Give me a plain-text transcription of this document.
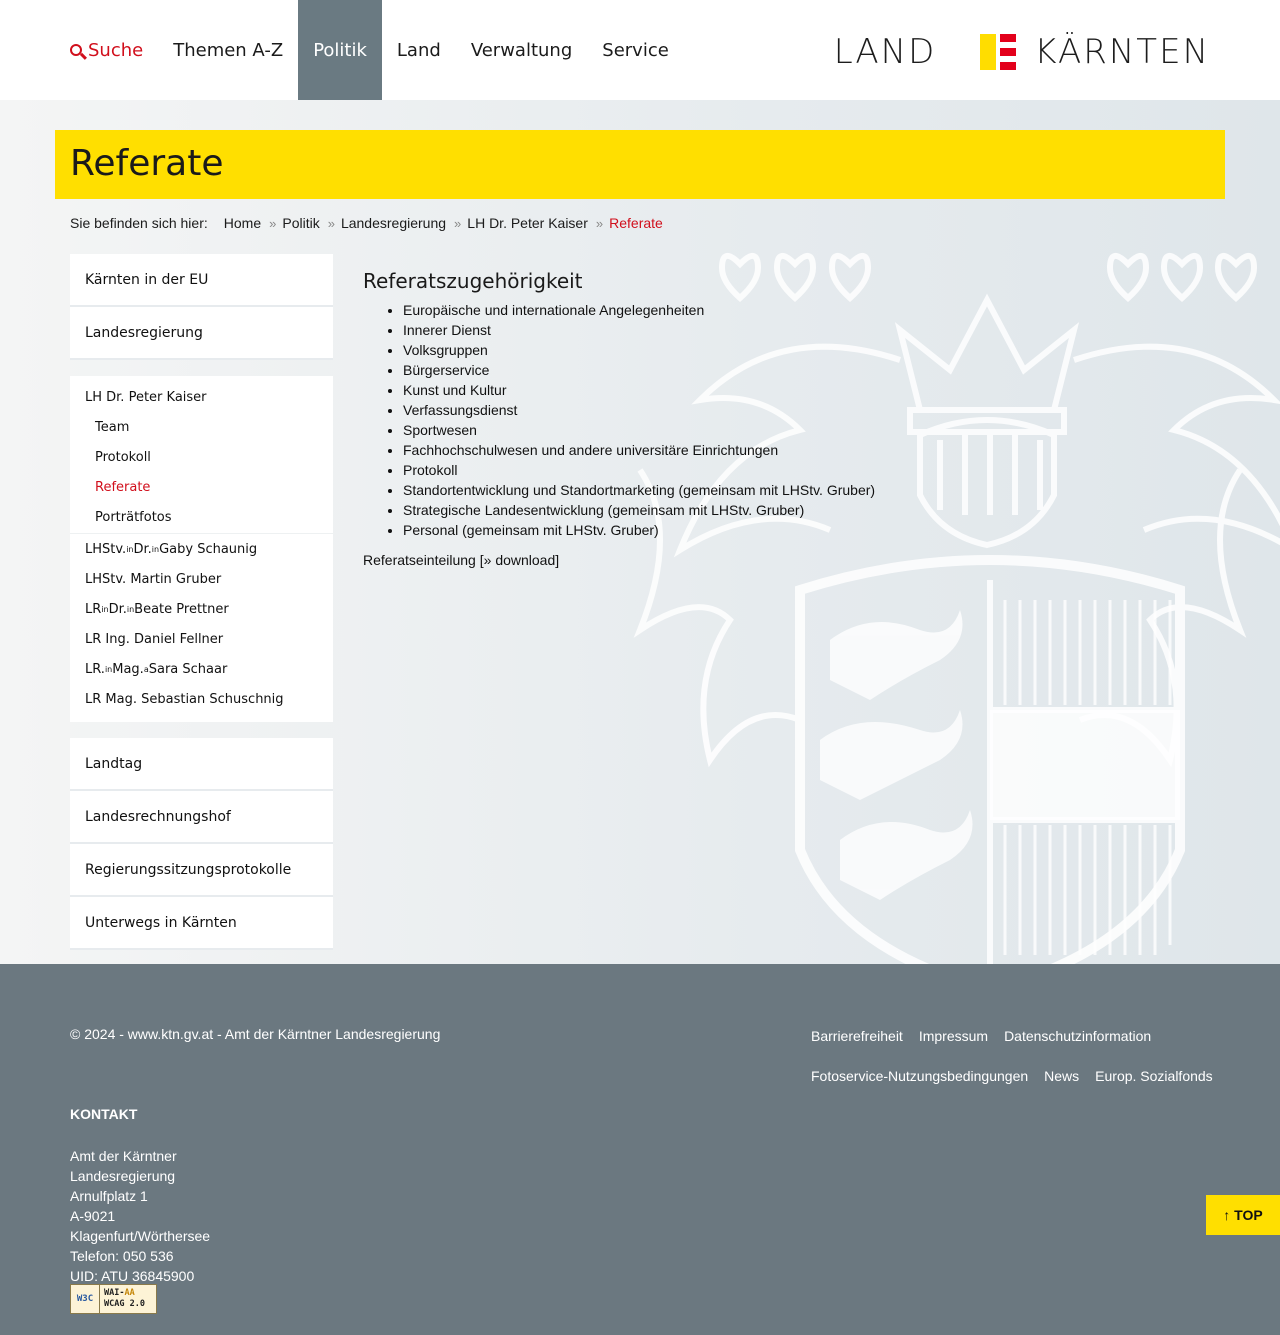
Suche Themen A-Z Politik Land Verwaltung Service	LAND	KÄRNTEN
Referate
Sie befinden sich hier: Home » Politik » Landesregierung » LH Dr. Peter Kaiser » Referate
Kärnten in der EU
Landesregierung
LH Dr. Peter Kaiser
Team
Protokoll
Referate
Porträtfotos
LHStv. in Dr. in Gaby Schaunig
LHStv. Martin Gruber
LR in Dr. in Beate Prettner
LR Ing. Daniel Fellner
LR. in Mag. a Sara Schaar
LR Mag. Sebastian Schuschnig
Landtag
Landesrechnungshof
Regierungssitzungsprotokolle
Unterwegs in Kärnten
Referatszugehörigkeit
• Europäische und internationale Angelegenheiten
• Innerer Dienst
• Volksgruppen
• Bürgerservice
• Kunst und Kultur
• Verfassungsdienst
• Sportwesen
• Fachhochschulwesen und andere universitäre Einrichtungen
• Protokoll
• Standortentwicklung und Standortmarketing (gemeinsam mit LHStv. Gruber)
• Strategische Landesentwicklung (gemeinsam mit LHStv. Gruber)
• Personal (gemeinsam mit LHStv. Gruber)
Referatseinteilung [» download]
© 2024 - www.ktn.gv.at - Amt der Kärntner Landesregierung	Barrierefreiheit Impressum Datenschutzinformation
Fotoservice-Nutzungsbedingungen News Europ. Sozialfonds
KONTAKT
Amt der Kärntner
Landesregierung
Arnulfplatz 1
A-9021
Klagenfurt/Wörthersee
Telefon: 050 536
UID: ATU 36845900
W3C
WAI-AA
WCAG 2.0
↑ TOP
